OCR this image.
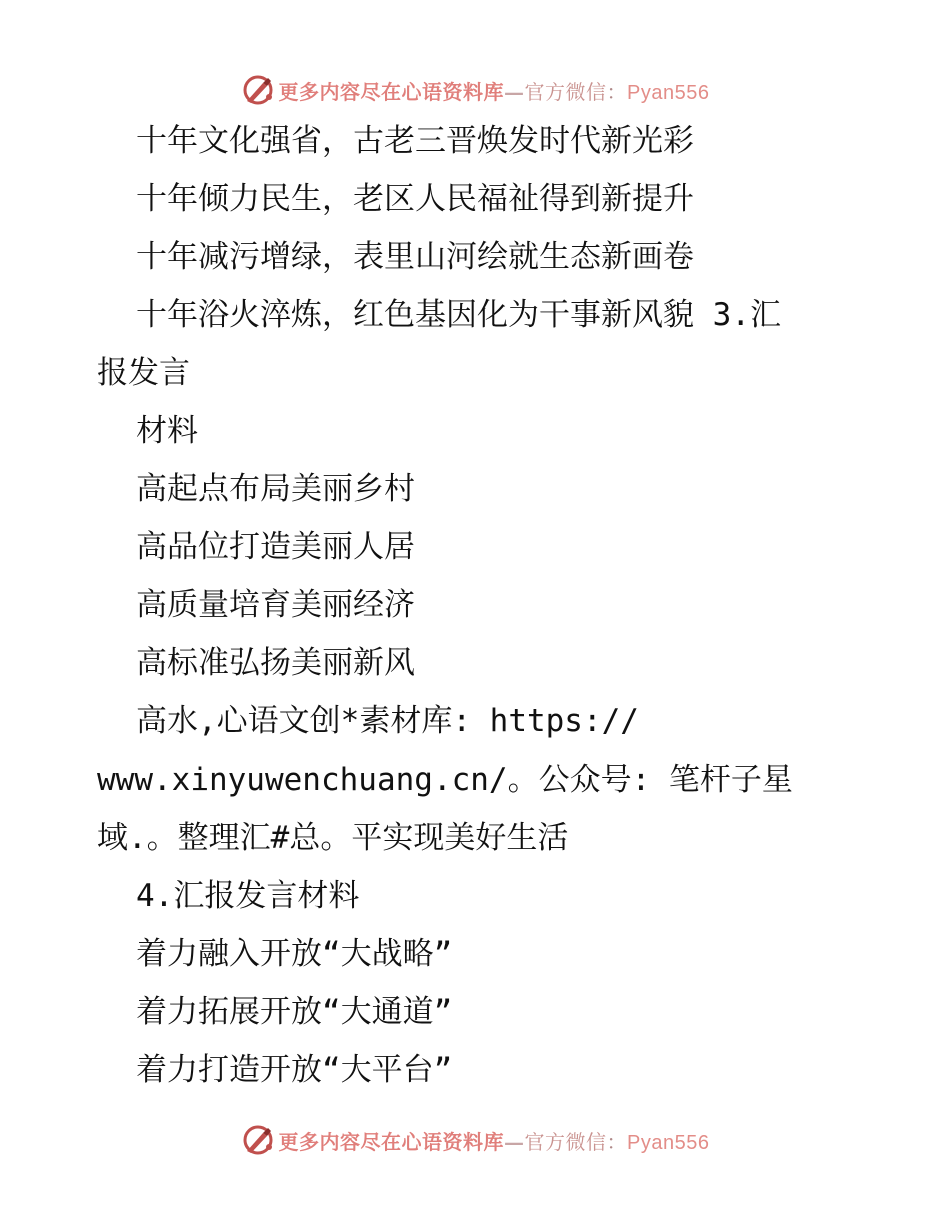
更多内容尽在心语资料库—官方微信：Pyan556
十年文化强省，古老三晋焕发时代新光彩
十年倾力民生，老区人民福祉得到新提升
十年减污增绿，表里山河绘就生态新画卷
十年浴火淬炼，红色基因化为干事新风貌 3.汇
报发言
材料
高起点布局美丽乡村
高品位打造美丽人居
高质量培育美丽经济
高标准弘扬美丽新风
高水,心语文创*素材库: https://
www.xinyuwenchuang.cn/。公众号: 笔杆子星
域.。整理汇#总。平实现美好生活
4.汇报发言材料
着力融入开放“大战略”
着力拓展开放“大通道”
着力打造开放“大平台”
更多内容尽在心语资料库—官方微信：Pyan556
